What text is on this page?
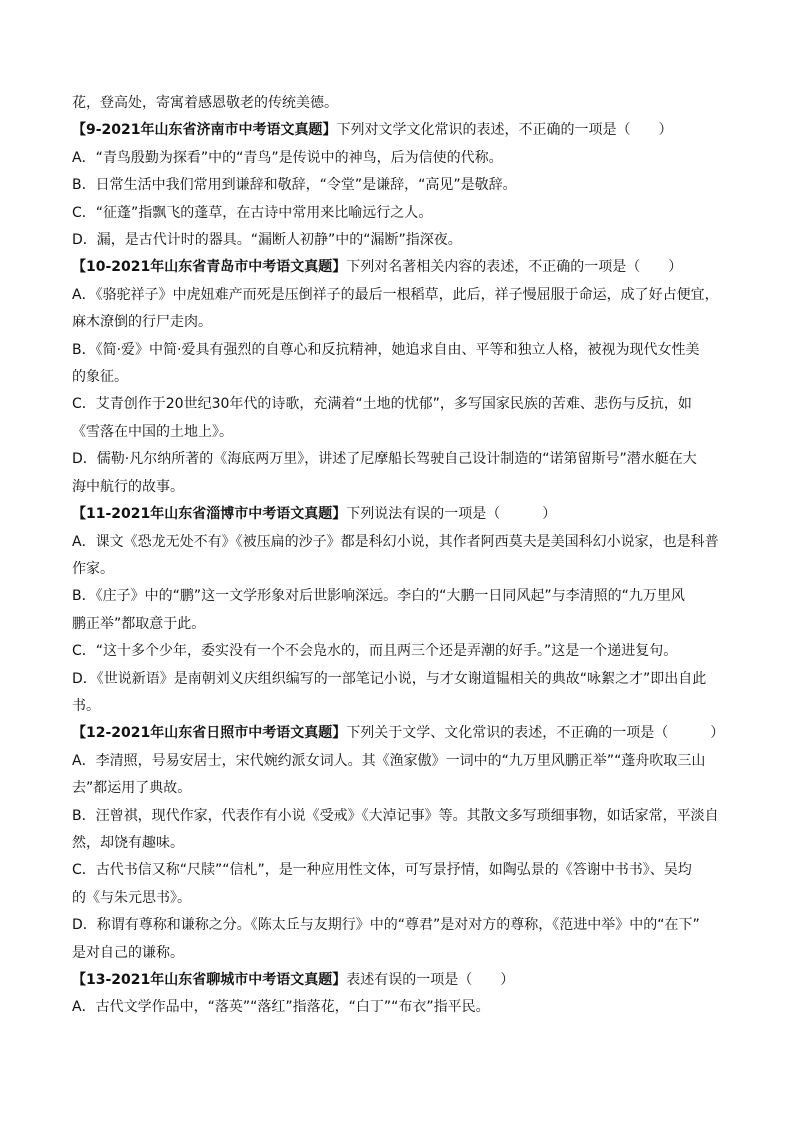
花，登高处，寄寓着感恩敬老的传统美德。
【9-2021年山东省济南市中考语文真题】下列对文学文化常识的表述，不正确的一项是（　　）
A．“青鸟殷勤为探看”中的“青鸟”是传说中的神鸟，后为信使的代称。
B．日常生活中我们常用到谦辞和敬辞，“令堂”是谦辞，“高见”是敬辞。
C．“征蓬”指飘飞的蓬草，在古诗中常用来比喻远行之人。
D．漏，是古代计时的器具。“漏断人初静”中的“漏断”指深夜。
【10-2021年山东省青岛市中考语文真题】下列对名著相关内容的表述，不正确的一项是（　　）
A．《骆驼祥子》中虎妞难产而死是压倒祥子的最后一根稻草，此后，祥子慢屈服于命运，成了好占便宜，
麻木潦倒的行尸走肉。
B．《简·爱》中简·爱具有强烈的自尊心和反抗精神，她追求自由、平等和独立人格，被视为现代女性美
的象征。
C．艾青创作于20世纪30年代的诗歌，充满着“土地的忧郁”，多写国家民族的苦难、悲伤与反抗，如
《雪落在中国的土地上》。
D．儒勒·凡尔纳所著的《海底两万里》，讲述了尼摩船长驾驶自己设计制造的“诺第留斯号”潜水艇在大
海中航行的故事。
【11-2021年山东省淄博市中考语文真题】下列说法有误的一项是（　　　）
A．课文《恐龙无处不有》《被压扁的沙子》都是科幻小说，其作者阿西莫夫是美国科幻小说家，也是科普
作家。
B．《庄子》中的“鹏”这一文学形象对后世影响深远。李白的“大鹏一日同风起”与李清照的“九万里风
鹏正举”都取意于此。
C．“这十多个少年，委实没有一个不会凫水的，而且两三个还是弄潮的好手。”这是一个递进复句。
D．《世说新语》是南朝刘义庆组织编写的一部笔记小说，与才女谢道韫相关的典故“咏絮之才”即出自此
书。
【12-2021年山东省日照市中考语文真题】下列关于文学、文化常识的表述，不正确的一项是（　　　）
A．李清照，号易安居士，宋代婉约派女词人。其《渔家傲》一词中的“九万里风鹏正举”“蓬舟吹取三山
去”都运用了典故。
B．汪曾祺，现代作家，代表作有小说《受戒》《大淖记事》等。其散文多写琐细事物，如话家常，平淡自
然，却饶有趣味。
C．古代书信又称“尺牍”“信札”，是一种应用性文体，可写景抒情，如陶弘景的《答谢中书书》、吴均
的《与朱元思书》。
D．称谓有尊称和谦称之分。《陈太丘与友期行》中的“尊君”是对对方的尊称，《范进中举》中的“在下”
是对自己的谦称。
【13-2021年山东省聊城市中考语文真题】表述有误的一项是（　　）
A．古代文学作品中，“落英”“落红”指落花，“白丁”“布衣”指平民。
